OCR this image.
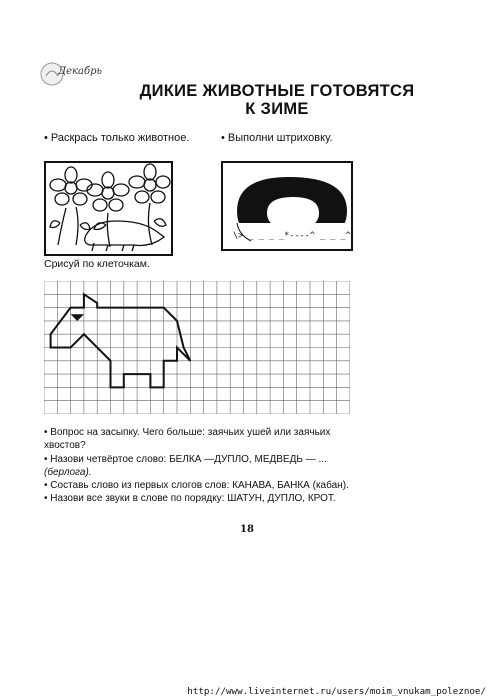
Декабрь
ДИКИЕ ЖИВОТНЫЕ ГОТОВЯТСЯ
К ЗИМЕ
• Раскрась только животное.	• Выполни штриховку.
\> ̲ ̲ ̲ ̲*----^ ̲ ̲ ̲^
Срисуй по клеточкам.
• Вопрос на засыпку. Чего больше: заячьих ушей или заячьих хвостов?
• Назови четвёртое слово: БЕЛКА —ДУПЛО, МЕДВЕДЬ — ...
(берлога).
• Составь слово из первых слогов слов: КАНАВА, БАНКА (кабан).
• Назови все звуки в слове по порядку: ШАТУН, ДУПЛО, КРОТ.
18
http://www.liveinternet.ru/users/moim_vnukam_poleznoe/
